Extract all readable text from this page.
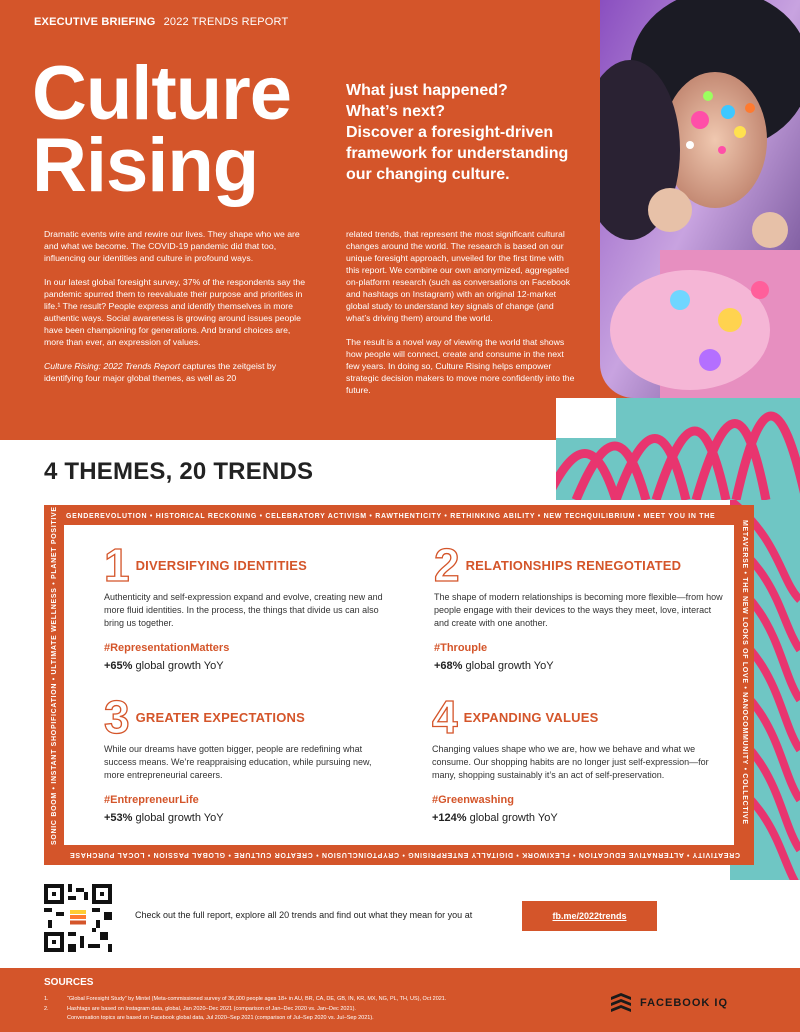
EXECUTIVE BRIEFING 2022 TRENDS REPORT
Culture
Rising
What just happened?
What’s next?
Discover a foresight-driven
framework for understanding
our changing culture.

Dramatic events wire and rewire our lives. They shape who we are and what we become. The COVID-19 pandemic did that too, influencing our identities and culture in profound ways.

In our latest global foresight survey, 37% of the respondents say the pandemic spurred them to reevaluate their purpose and priorities in life.¹ The result? People express and identify themselves in more authentic ways. Social awareness is growing around issues people have been championing for generations. And brand choices are, more than ever, an expression of values.

Culture Rising: 2022 Trends Report captures the zeitgeist by identifying four major global themes, as well as 20

related trends, that represent the most significant cultural changes around the world. The research is based on our unique foresight approach, unveiled for the first time with this report. We combine our own anonymized, aggregated on-platform research (such as conversations on Facebook and hashtags on Instagram) with an original 12-market global study to understand key signals of change (and what’s driving them) around the world.

The result is a novel way of viewing the world that shows how people will connect, create and consume in the next few years. In doing so, Culture Rising helps empower strategic decision makers to move more confidently into the future.

4 THEMES, 20 TRENDS
GENDEREVOLUTION • HISTORICAL RECKONING • CELEBRATORY ACTIVISM • RAWTHENTICITY • RETHINKING ABILITY • NEW TECHQUILIBRIUM • MEET YOU IN THE
METAVERSE • THE NEW LOOKS OF LOVE • NANOCOMMUNITY • COLLECTIVE
CREATIVITY • ALTERNATIVE EDUCATION • FLEXIWORK • DIGITALLY ENTERPRISING • CRYPTOINCLUSION • CREATOR CULTURE • GLOBAL PASSION • LOCAL PURCHASE
SONIC BOOM • INSTANT SHOPIFICATION • ULTIMATE WELLNESS • PLANET POSITIVE 1 DIVERSIFYING IDENTITIES
Authenticity and self-expression expand and evolve, creating new and more fluid identities. In the process, the things that divide us can also bring us together.
#RepresentationMatters
+65% global growth YoY
2 RELATIONSHIPS RENEGOTIATED
The shape of modern relationships is becoming more flexible—from how people engage with their devices to the ways they meet, love, interact and create with one another.
#Throuple
+68% global growth YoY
3 GREATER EXPECTATIONS
While our dreams have gotten bigger, people are redefining what success means. We’re reappraising education, while pursuing new, more entrepreneurial careers.
#EntrepreneurLife
+53% global growth YoY
4 EXPANDING VALUES
Changing values shape who we are, how we behave and what we consume. Our shopping habits are no longer just self-expression—for many, shopping sustainably it’s an act of self-preservation.
#Greenwashing
+124% global growth YoY
Check out the full report, explore all 20 trends and find out what they mean for you at	fb.me/2022trends
SOURCES
1.	“Global Foresight Study” by Mintel (Meta-commissioned survey of 36,000 people ages 18+ in AU, BR, CA, DE, GB, IN, KR, MX, NG, PL, TH, US), Oct 2021.
2.	Hashtags are based on Instagram data, global, Jan 2020–Dec 2021 (comparison of Jan–Dec 2020 vs. Jan–Dec 2021).
Conversation topics are based on Facebook global data, Jul 2020–Sep 2021 (comparison of Jul–Sep 2020 vs. Jul–Sep 2021).
FACEBOOK IQ
